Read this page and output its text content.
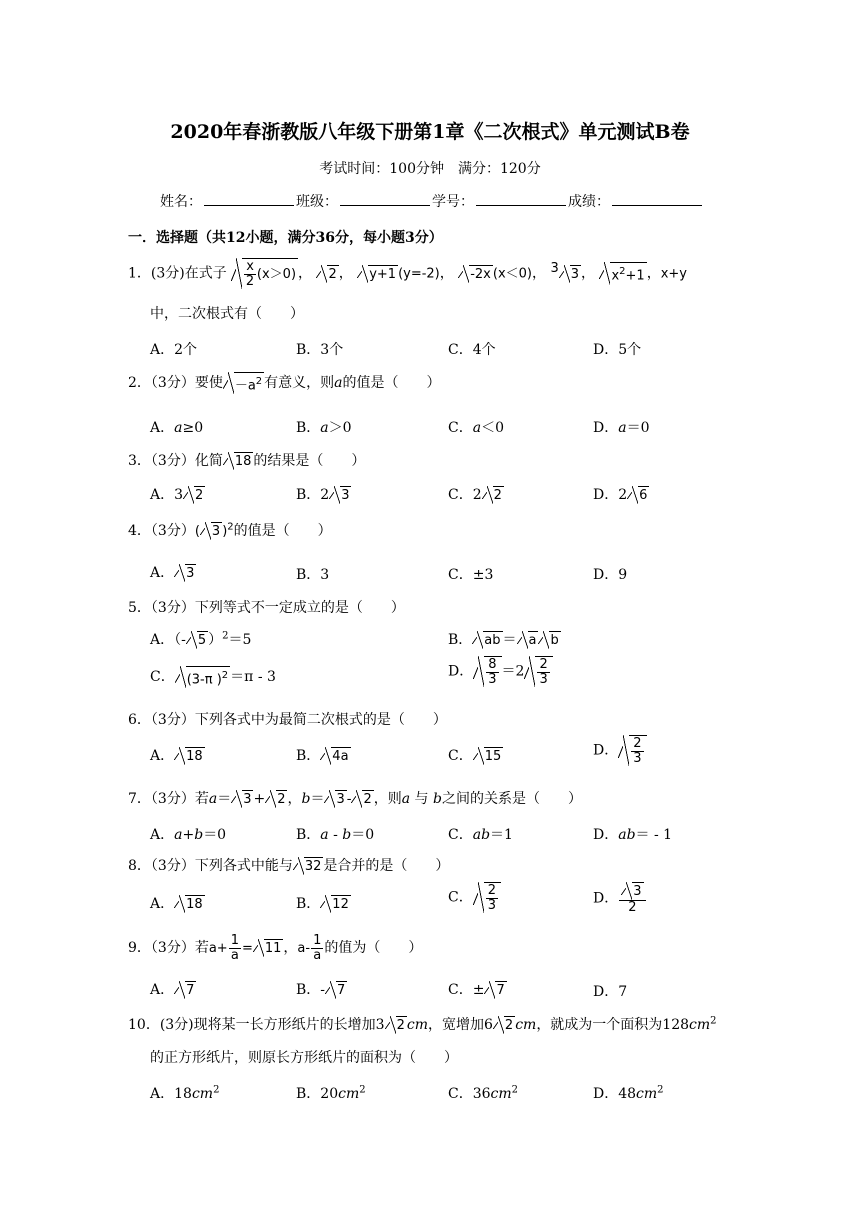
2020年春浙教版八年级下册第1章《二次根式》单元测试B卷
考试时间：100分钟　满分：120分
姓名：	班级：	学号：	成绩：
一．选择题（共12小题，满分36分，每小题3分）
1．(3分)在式子 $\frac{x}{2} (x>0)$ ， 2 ， y+1 (y=-2)， -2x (x＜0)， $^3$ 3 ， $x^2+1$ ，x+y
中，二次根式有（　　）
A．2个	B．3个	C．4个	D．5个
2．（3分）要使 $-a^2$ 有意义，则a的值是（　　）
A．a≥0	B．a＞0	C．a＜0	D．a＝0
3．（3分）化简 18 的结果是（　　）
A．3 2	B．2 3	C．2 2	D．2 6
4．（3分）( 3 )$^2$的值是（　　）
A． 3	B．3	C．±3	D．9
5．（3分）下列等式不一定成立的是（　　）
A．（- 5 ）$^2$＝5	B． ab ＝ a b
C． (3-π )$^2$ ＝π - 3	D． $\frac{8}{3} =2 \frac{2}{3}$
6．（3分）下列各式中为最简二次根式的是（　　）
A． 18	B． 4a	C． 15	D． $\frac{2}{3}$
7．（3分）若a＝ 3 + 2 ，b＝ 3 - 2 ，则a 与 b之间的关系是（　　）
A．a+b＝0	B．a - b＝0	C．ab＝1	D．ab＝ - 1
8．（3分）下列各式中能与 32 是合并的是（　　）
A． 18	B． 12	C． $\frac{2}{3}$	D． $\frac{3}{2}$
9．（3分）若$a+ \frac{1}{a} = 11$ ，$a- \frac{1}{a}$ 的值为（　　）
A． 7	B．- 7	C．± 7	D．7
10．(3分)现将某一长方形纸片的长增加3 2 cm，宽增加6 2 cm，就成为一个面积为$128cm^2$
的正方形纸片，则原长方形纸片的面积为（　　）
A．$18cm^2$	B．$20cm^2$	C．$36cm^2$	D．$48cm^2$
